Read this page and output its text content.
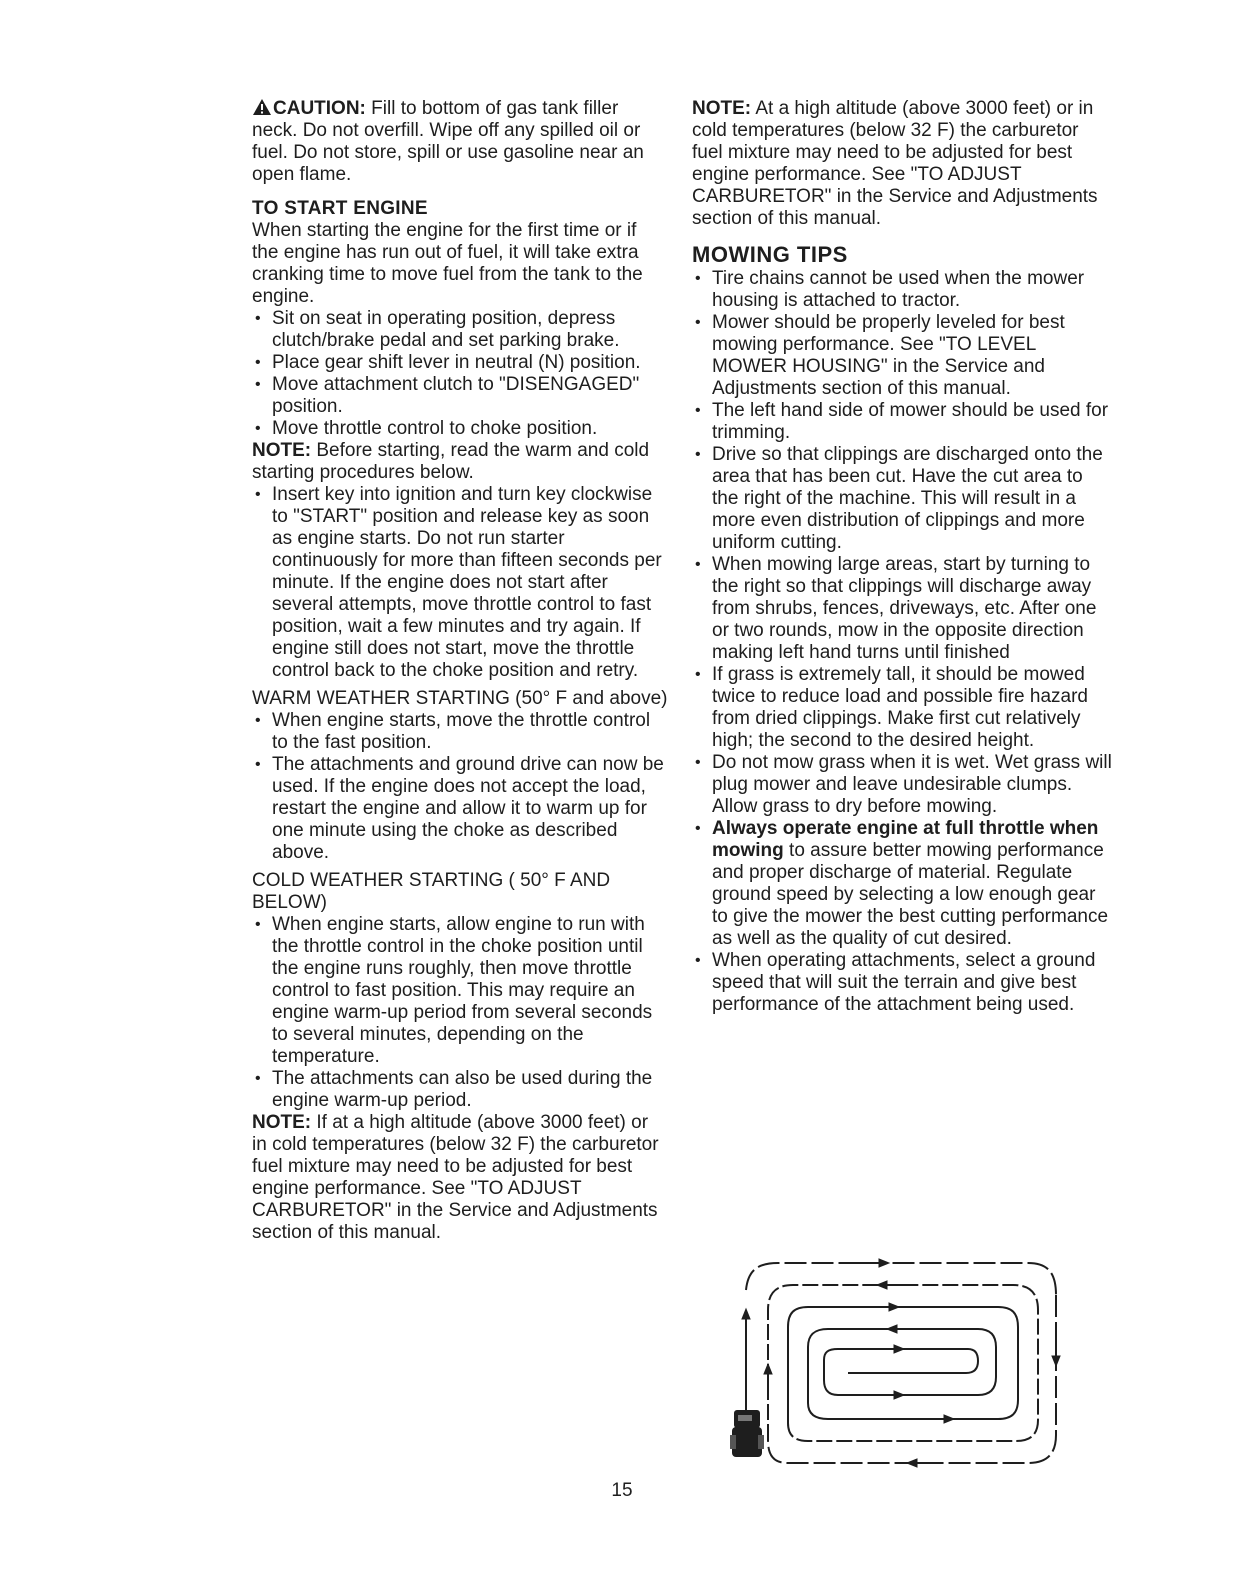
CAUTION: Fill to bottom of gas tank filler neck. Do not overfill. Wipe off any spilled oil or fuel. Do not store, spill or use gasoline near an open flame.

TO START ENGINE

When starting the engine for the first time or if the engine has run out of fuel, it will take extra cranking time to move fuel from the tank to the engine.

• Sit on seat in operating position, depress clutch/brake pedal and set parking brake.
• Place gear shift lever in neutral (N) position.
• Move attachment clutch to "DISENGAGED" position.
• Move throttle control to choke position.

NOTE: Before starting, read the warm and cold starting procedures below.

• Insert key into ignition and turn key clockwise to "START" position and release key as soon as engine starts. Do not run starter continuously for more than fifteen seconds per minute. If the engine does not start after several attempts, move throttle control to fast position, wait a few minutes and try again. If engine still does not start, move the throttle control back to the choke position and retry.

WARM WEATHER STARTING (50° F and above)

• When engine starts, move the throttle control to the fast position.
• The attachments and ground drive can now be used. If the engine does not accept the load, restart the engine and allow it to warm up for one minute using the choke as described above.

COLD WEATHER STARTING ( 50° F AND BELOW)

• When engine starts, allow engine to run with the throttle control in the choke position until the engine runs roughly, then move throttle control to fast position. This may require an engine warm-up period from several seconds to several minutes, depending on the temperature.
• The attachments can also be used during the engine warm-up period.

NOTE: If at a high altitude (above 3000 feet) or in cold temperatures (below 32 F) the carburetor fuel mixture may need to be adjusted for best engine performance. See "TO ADJUST CARBURETOR" in the Service and Adjustments section of this manual.

NOTE: At a high altitude (above 3000 feet) or in cold temperatures (below 32 F) the carburetor fuel mixture may need to be adjusted for best engine performance. See "TO ADJUST CARBURETOR" in the Service and Adjustments section of this manual.

MOWING TIPS

• Tire chains cannot be used when the mower housing is attached to tractor.
• Mower should be properly leveled for best mowing performance. See "TO LEVEL MOWER HOUSING" in the Service and Adjustments section of this manual.
• The left hand side of mower should be used for trimming.
• Drive so that clippings are discharged onto the area that has been cut. Have the cut area to the right of the machine. This will result in a more even distribution of clippings and more uniform cutting.
• When mowing large areas, start by turning to the right so that clippings will discharge away from shrubs, fences, driveways, etc. After one or two rounds, mow in the opposite direction making left hand turns until finished
• If grass is extremely tall, it should be mowed twice to reduce load and possible fire hazard from dried clippings. Make first cut relatively high; the second to the desired height.
• Do not mow grass when it is wet. Wet grass will plug mower and leave undesirable clumps. Allow grass to dry before mowing.
• Always operate engine at full throttle when mowing to assure better mowing performance and proper discharge of material. Regulate ground speed by selecting a low enough gear to give the mower the best cutting performance as well as the quality of cut desired.
• When operating attachments, select a ground speed that will suit the terrain and give best performance of the attachment being used.
15
